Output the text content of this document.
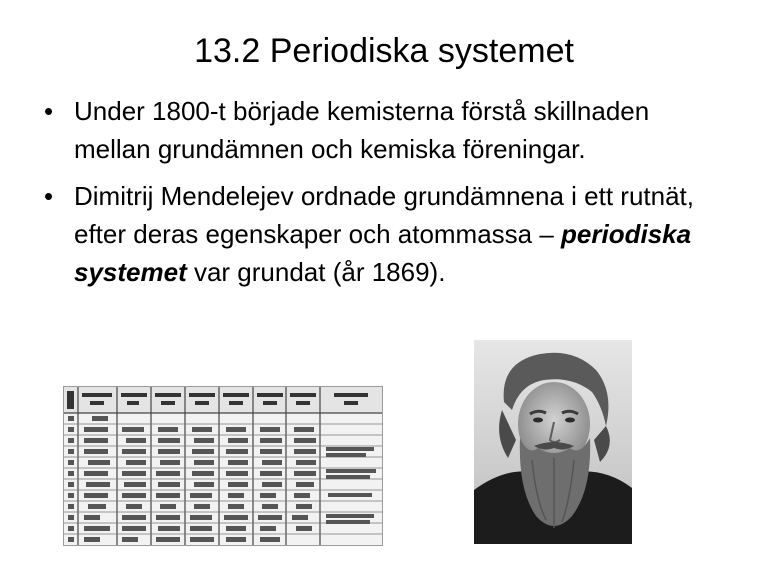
13.2 Periodiska systemet
• Under 1800-t började kemisterna förstå skillnaden mellan grundämnen och kemiska föreningar.
• Dimitrij Mendelejev ordnade grundämnena i ett rutnät, efter deras egenskaper och atommassa – periodiska systemet var grundat (år 1869).
